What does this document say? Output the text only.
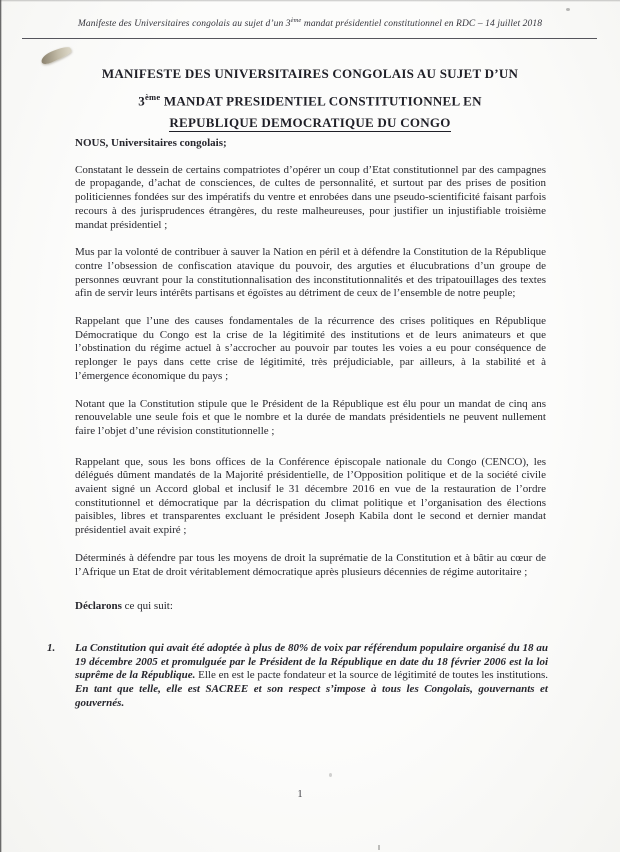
Manifeste des Universitaires congolais au sujet d’un 3ème mandat présidentiel constitutionnel en RDC – 14 juillet 2018
MANIFESTE DES UNIVERSITAIRES CONGOLAIS AU SUJET D’UN
3ème MANDAT PRESIDENTIEL CONSTITUTIONNEL EN
REPUBLIQUE DEMOCRATIQUE DU CONGO
NOUS, Universitaires congolais;

Constatant le dessein de certains compatriotes d’opérer un coup d’Etat constitutionnel par des campagnes de propagande, d’achat de consciences, de cultes de personnalité, et surtout par des prises de position politiciennes fondées sur des impératifs du ventre et enrobées dans une pseudo-scientificité faisant parfois recours à des jurisprudences étrangères, du reste malheureuses, pour justifier un injustifiable troisième mandat présidentiel ;

Mus par la volonté de contribuer à sauver la Nation en péril et à défendre la Constitution de la République contre l’obsession de confiscation atavique du pouvoir, des arguties et élucubrations d’un groupe de personnes œuvrant pour la constitutionnalisation des inconstitutionnalités et des tripatouillages des textes afin de servir leurs intérêts partisans et égoïstes au détriment de ceux de l’ensemble de notre peuple;

Rappelant que l’une des causes fondamentales de la récurrence des crises politiques en République Démocratique du Congo est la crise de la légitimité des institutions et de leurs animateurs et que l’obstination du régime actuel à s’accrocher au pouvoir par toutes les voies a eu pour conséquence de replonger le pays dans cette crise de légitimité, très préjudiciable, par ailleurs, à la stabilité et à l’émergence économique du pays ;

Notant que la Constitution stipule que le Président de la République est élu pour un mandat de cinq ans renouvelable une seule fois et que le nombre et la durée de mandats présidentiels ne peuvent nullement faire l’objet d’une révision constitutionnelle ;

Rappelant que, sous les bons offices de la Conférence épiscopale nationale du Congo (CENCO), les délégués dûment mandatés de la Majorité présidentielle, de l’Opposition politique et de la société civile avaient signé un Accord global et inclusif le 31 décembre 2016 en vue de la restauration de l’ordre constitutionnel et démocratique par la décrispation du climat politique et l’organisation des élections paisibles, libres et transparentes excluant le président Joseph Kabila dont le second et dernier mandat présidentiel avait expiré ;

Déterminés à défendre par tous les moyens de droit la suprématie de la Constitution et à bâtir au cœur de l’Afrique un Etat de droit véritablement démocratique après plusieurs décennies de régime autoritaire ;

Déclarons ce qui suit:

1.	La Constitution qui avait été adoptée à plus de 80% de voix par référendum populaire organisé du 18 au 19 décembre 2005 et promulguée par le Président de la République en date du 18 février 2006 est la loi suprême de la République. Elle en est le pacte fondateur et la source de légitimité de toutes les institutions. En tant que telle, elle est SACREE et son respect s’impose à tous les Congolais, gouvernants et gouvernés.
1
